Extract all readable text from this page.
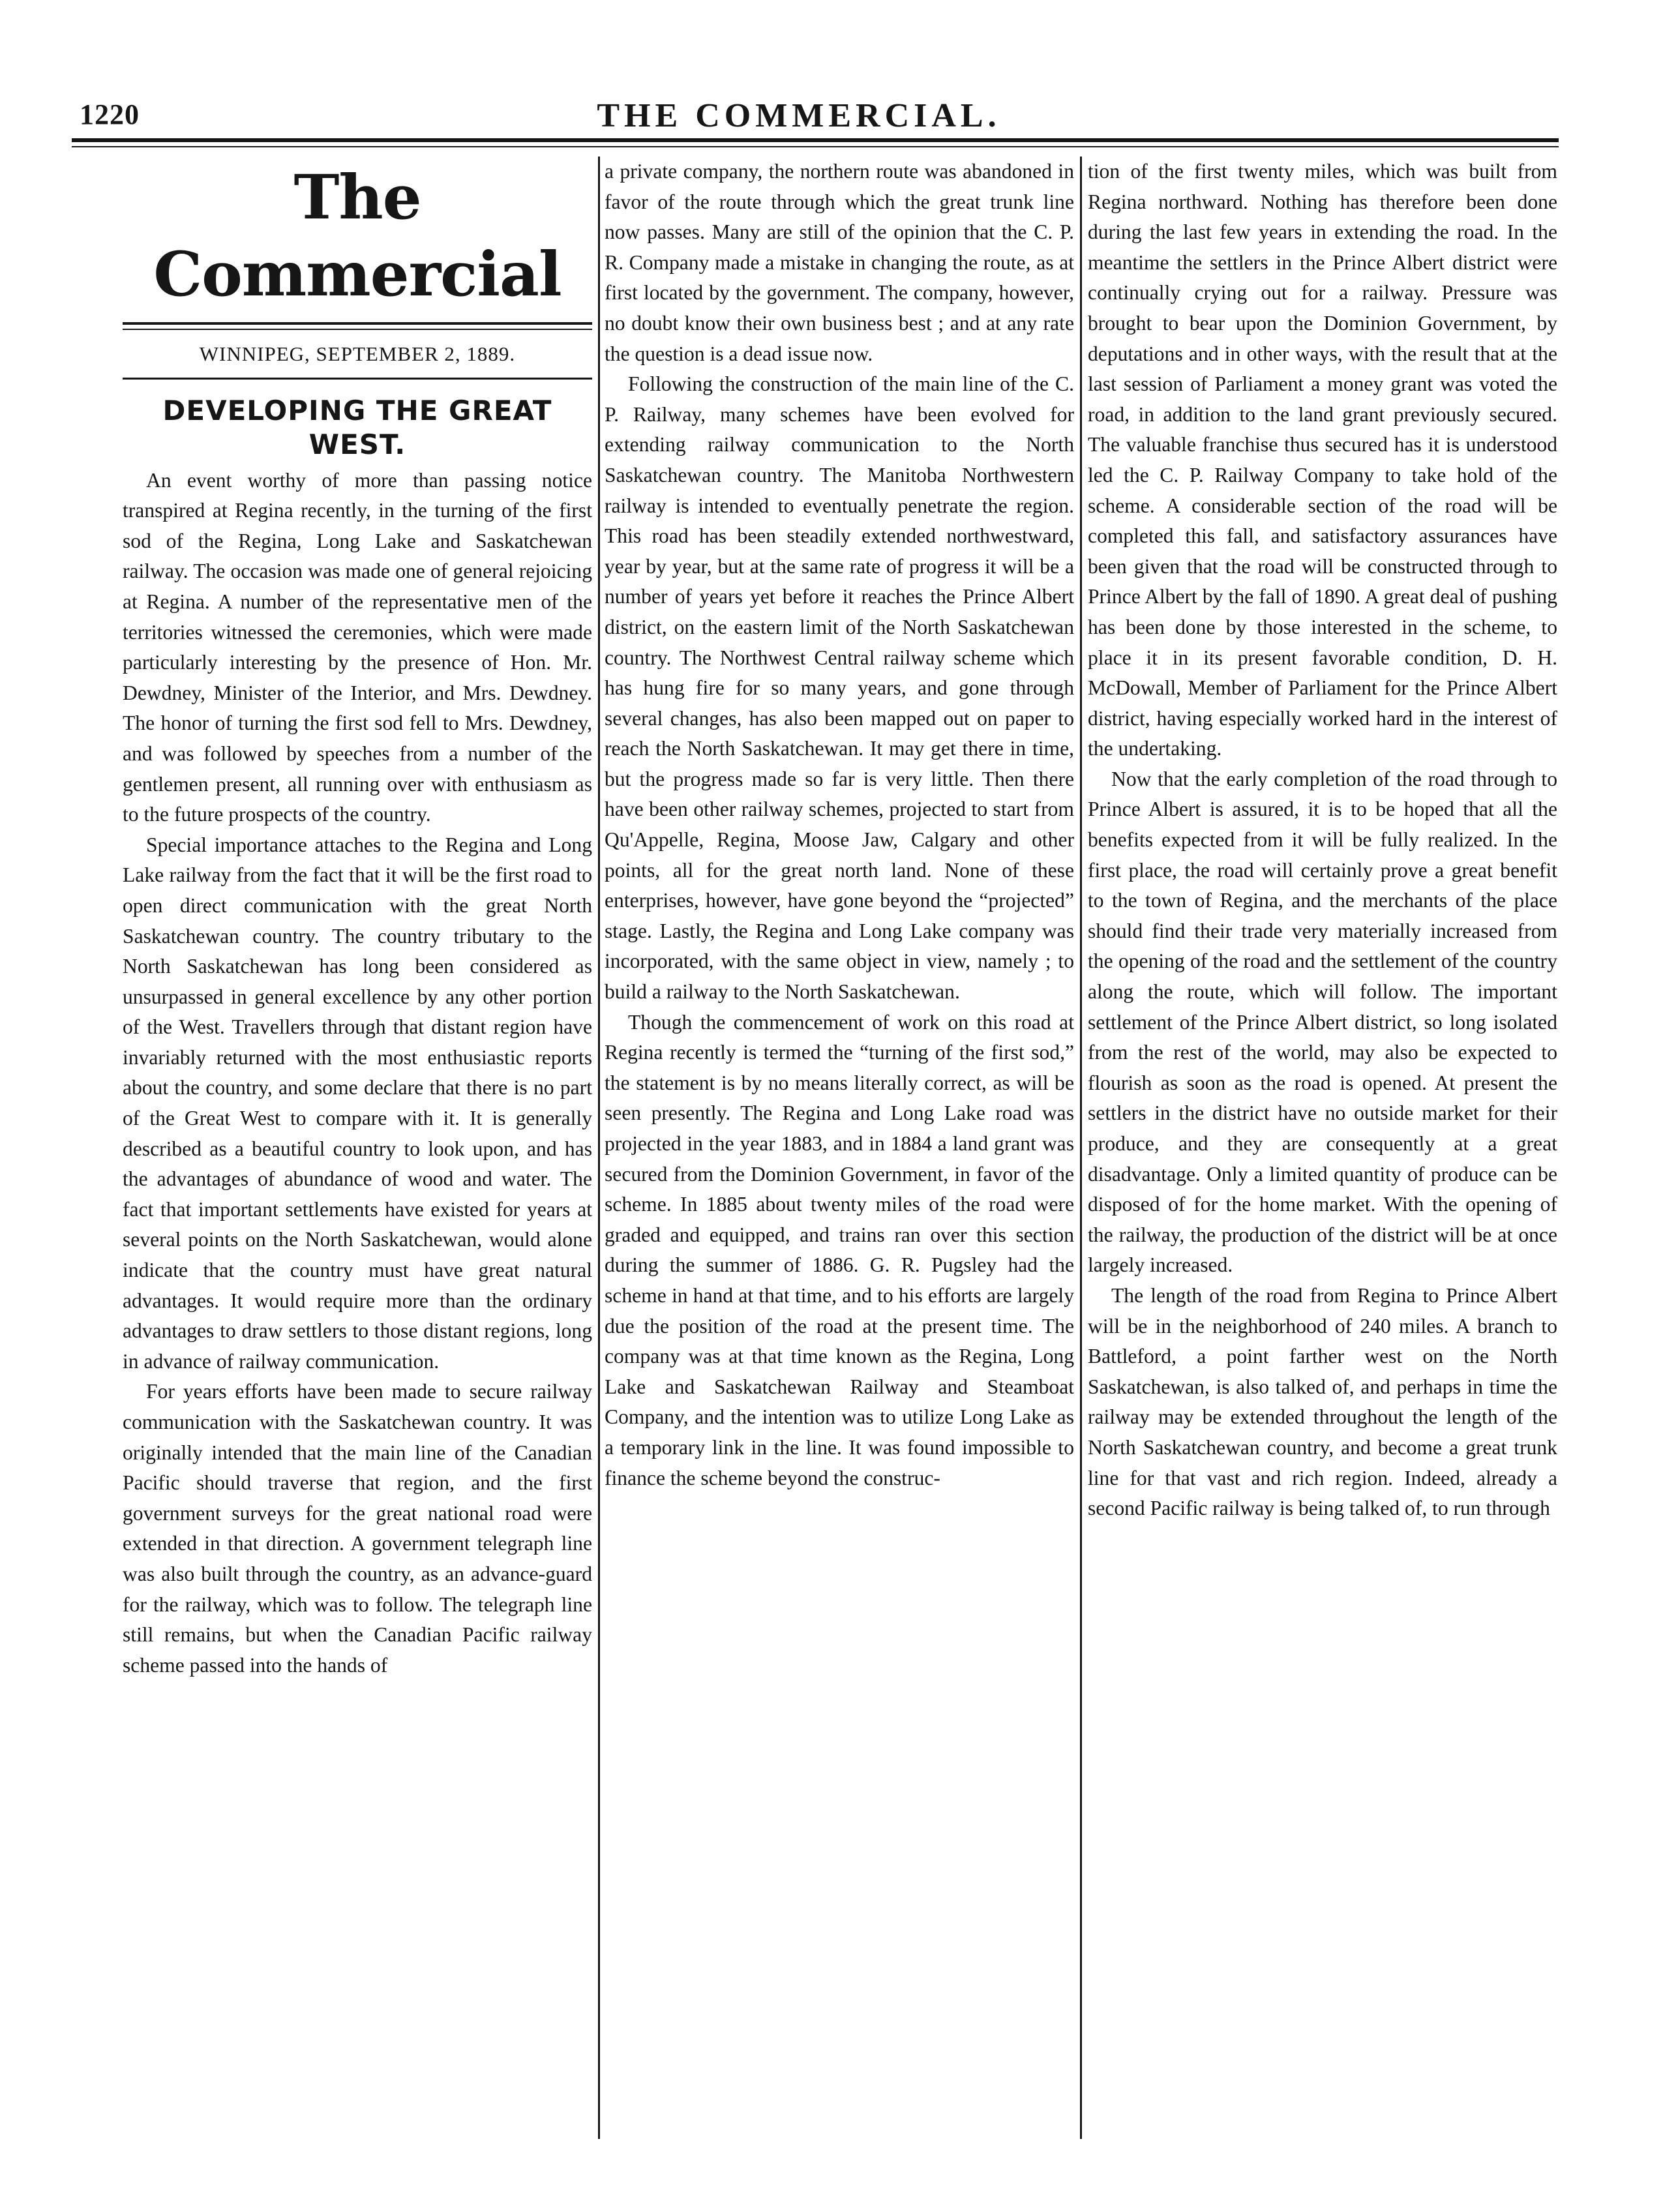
1220	THE COMMERCIAL.
The Commercial
WINNIPEG, SEPTEMBER 2, 1889.
DEVELOPING THE GREAT WEST.

An event worthy of more than passing notice transpired at Regina recently, in the turning of the first sod of the Regina, Long Lake and Saskatchewan railway. The occasion was made one of general rejoicing at Regina. A number of the representative men of the territories witnessed the ceremonies, which were made particularly interesting by the presence of Hon. Mr. Dewdney, Minister of the Interior, and Mrs. Dewdney. The honor of turning the first sod fell to Mrs. Dewdney, and was followed by speeches from a number of the gentlemen present, all running over with enthusiasm as to the future prospects of the country.

Special importance attaches to the Regina and Long Lake railway from the fact that it will be the first road to open direct communication with the great North Saskatchewan country. The country tributary to the North Saskatchewan has long been considered as unsurpassed in general excellence by any other portion of the West. Travellers through that distant region have invariably returned with the most enthusiastic reports about the country, and some declare that there is no part of the Great West to compare with it. It is generally described as a beautiful country to look upon, and has the advantages of abundance of wood and water. The fact that important settlements have existed for years at several points on the North Saskatchewan, would alone indicate that the country must have great natural advantages. It would require more than the ordinary advantages to draw settlers to those distant regions, long in advance of railway communication.

For years efforts have been made to secure railway communication with the Saskatchewan country. It was originally intended that the main line of the Canadian Pacific should traverse that region, and the first government surveys for the great national road were extended in that direction. A government telegraph line was also built through the country, as an advance-guard for the railway, which was to follow. The telegraph line still remains, but when the Canadian Pacific railway scheme passed into the hands of

a private company, the northern route was abandoned in favor of the route through which the great trunk line now passes. Many are still of the opinion that the C. P. R. Company made a mistake in changing the route, as at first located by the government. The company, however, no doubt know their own business best ; and at any rate the question is a dead issue now.

Following the construction of the main line of the C. P. Railway, many schemes have been evolved for extending railway communication to the North Saskatchewan country. The Manitoba Northwestern railway is intended to eventually penetrate the region. This road has been steadily extended northwestward, year by year, but at the same rate of progress it will be a number of years yet before it reaches the Prince Albert district, on the eastern limit of the North Saskatchewan country. The Northwest Central railway scheme which has hung fire for so many years, and gone through several changes, has also been mapped out on paper to reach the North Saskatchewan. It may get there in time, but the progress made so far is very little. Then there have been other railway schemes, projected to start from Qu'Appelle, Regina, Moose Jaw, Calgary and other points, all for the great north land. None of these enterprises, however, have gone beyond the “projected” stage. Lastly, the Regina and Long Lake company was incorporated, with the same object in view, namely ; to build a railway to the North Saskatchewan.

Though the commencement of work on this road at Regina recently is termed the “turning of the first sod,” the statement is by no means literally correct, as will be seen presently. The Regina and Long Lake road was projected in the year 1883, and in 1884 a land grant was secured from the Dominion Government, in favor of the scheme. In 1885 about twenty miles of the road were graded and equipped, and trains ran over this section during the summer of 1886. G. R. Pugsley had the scheme in hand at that time, and to his efforts are largely due the position of the road at the present time. The company was at that time known as the Regina, Long Lake and Saskatchewan Railway and Steamboat Company, and the intention was to utilize Long Lake as a temporary link in the line. It was found impossible to finance the scheme beyond the construc-

tion of the first twenty miles, which was built from Regina northward. Nothing has therefore been done during the last few years in extending the road. In the meantime the settlers in the Prince Albert district were continually crying out for a railway. Pressure was brought to bear upon the Dominion Government, by deputations and in other ways, with the result that at the last session of Parliament a money grant was voted the road, in addition to the land grant previously secured. The valuable franchise thus secured has it is understood led the C. P. Railway Company to take hold of the scheme. A considerable section of the road will be completed this fall, and satisfactory assurances have been given that the road will be constructed through to Prince Albert by the fall of 1890. A great deal of pushing has been done by those interested in the scheme, to place it in its present favorable condition, D. H. McDowall, Member of Parliament for the Prince Albert district, having especially worked hard in the interest of the undertaking.

Now that the early completion of the road through to Prince Albert is assured, it is to be hoped that all the benefits expected from it will be fully realized. In the first place, the road will certainly prove a great benefit to the town of Regina, and the merchants of the place should find their trade very materially increased from the opening of the road and the settlement of the country along the route, which will follow. The important settlement of the Prince Albert district, so long isolated from the rest of the world, may also be expected to flourish as soon as the road is opened. At present the settlers in the district have no outside market for their produce, and they are consequently at a great disadvantage. Only a limited quantity of produce can be disposed of for the home market. With the opening of the railway, the production of the district will be at once largely increased.

The length of the road from Regina to Prince Albert will be in the neighborhood of 240 miles. A branch to Battleford, a point farther west on the North Saskatchewan, is also talked of, and perhaps in time the railway may be extended throughout the length of the North Saskatchewan country, and become a great trunk line for that vast and rich region. Indeed, already a second Pacific railway is being talked of, to run through
